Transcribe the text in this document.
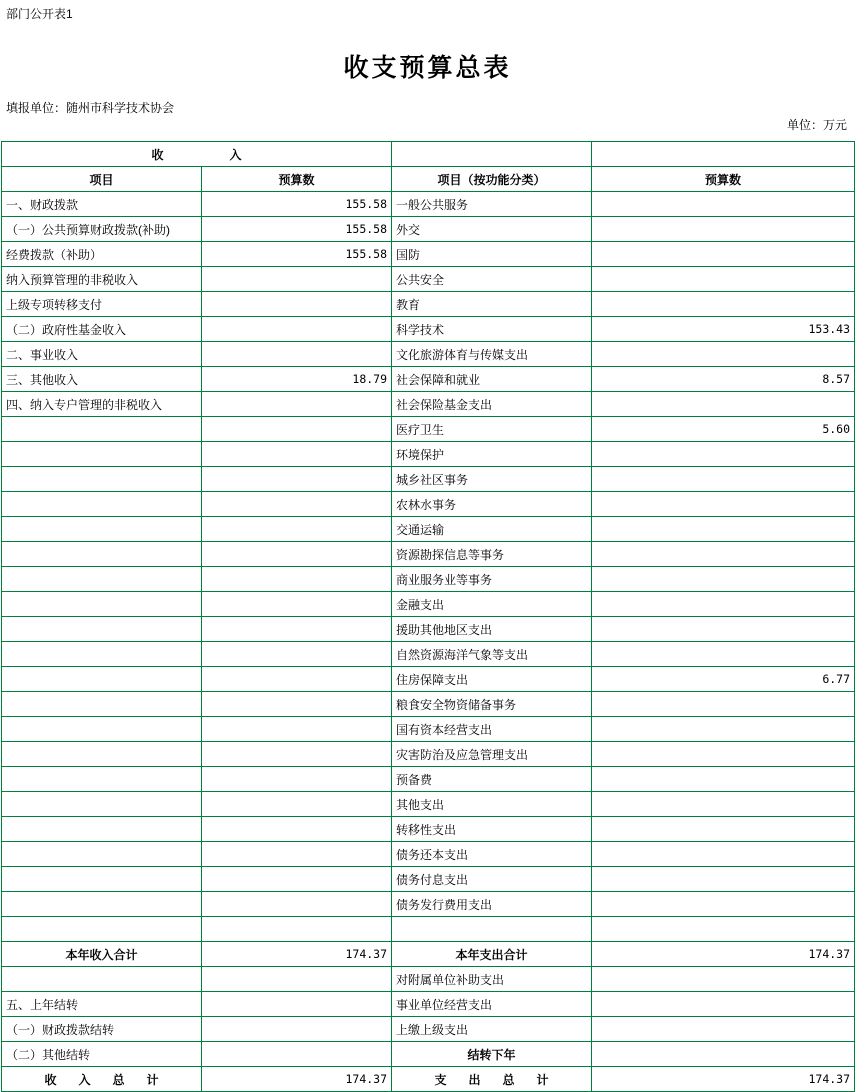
部门公开表1
收支预算总表
填报单位：随州市科学技术协会
单位：万元
收　　入			
项目	预算数	项目（按功能分类）	预算数
一、财政拨款	155.58	一般公共服务	
（一）公共预算财政拨款(补助)	155.58	外交	
经费拨款（补助）	155.58	国防	
纳入预算管理的非税收入		公共安全	
上级专项转移支付		教育	
（二）政府性基金收入		科学技术	153.43
二、事业收入		文化旅游体育与传媒支出	
三、其他收入	18.79	社会保障和就业	8.57
四、纳入专户管理的非税收入		社会保险基金支出	
		医疗卫生	5.60
		环境保护	
		城乡社区事务	
		农林水事务	
		交通运输	
		资源勘探信息等事务	
		商业服务业等事务	
		金融支出	
		援助其他地区支出	
		自然资源海洋气象等支出	
		住房保障支出	6.77
		粮食安全物资储备事务	
		国有资本经营支出	
		灾害防治及应急管理支出	
		预备费	
		其他支出	
		转移性支出	
		债务还本支出	
		债务付息支出	
		债务发行费用支出	

本年收入合计	174.37	本年支出合计	174.37
		对附属单位补助支出	
五、上年结转		事业单位经营支出	
（一）财政拨款结转		上缴上级支出	
（二）其他结转		结转下年	
收　入　总　计	174.37	支　出　总　计	174.37
